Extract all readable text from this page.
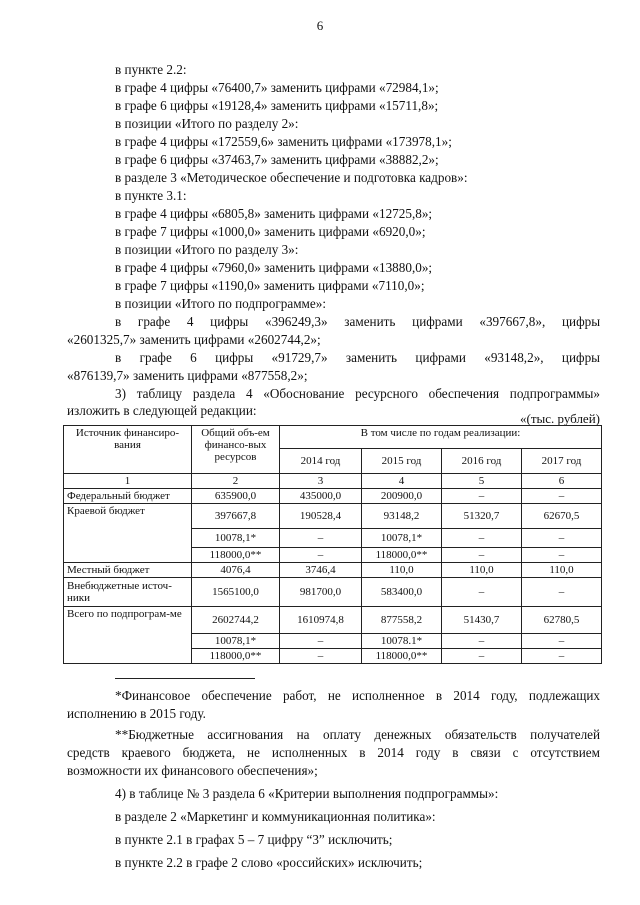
6
в пункте 2.2:
в графе 4 цифры «76400,7» заменить цифрами «72984,1»;
в графе 6 цифры «19128,4» заменить цифрами «15711,8»;
в позиции «Итого по разделу 2»:
в графе 4 цифры «172559,6» заменить цифрами «173978,1»;
в графе 6 цифры «37463,7» заменить цифрами «38882,2»;
в разделе 3 «Методическое обеспечение и подготовка кадров»:
в пункте 3.1:
в графе 4 цифры «6805,8» заменить цифрами «12725,8»;
в графе 7 цифры «1000,0» заменить цифрами «6920,0»;
в позиции «Итого по разделу 3»:
в графе 4 цифры «7960,0» заменить цифрами «13880,0»;
в графе 7 цифры «1190,0» заменить цифрами «7110,0»;
в позиции «Итого по подпрограмме»:
в графе 4 цифры «396249,3» заменить цифрами «397667,8», цифры
«2601325,7» заменить цифрами «2602744,2»;
в графе 6 цифры «91729,7» заменить цифрами «93148,2», цифры
«876139,7» заменить цифрами «877558,2»;
3) таблицу раздела 4 «Обоснование ресурсного обеспечения подпрограммы»
изложить в следующей редакции:
«(тыс. рублей)
Источник финансиро-вания	Общий объ-ем финансо-вых ресурсов	В том числе по годам реализации:			
		2014 год	2015 год	2016 год	2017 год
1	2	3	4	5	6
Федеральный бюджет	635900,0	435000,0	200900,0	–	–
Краевой бюджет	397667,8	190528,4	93148,2	51320,7	62670,5
	10078,1*	–	10078,1*	–	–
	118000,0**	–	118000,0**	–	–
Местный бюджет	4076,4	3746,4	110,0	110,0	110,0
Внебюджетные источ-ники	1565100,0	981700,0	583400,0	–	–
Всего по подпрограм-ме	2602744,2	1610974,8	877558,2	51430,7	62780,5
	10078,1*	–	10078.1*	–	–
	118000,0**	–	118000,0**	–	–
*Финансовое обеспечение работ, не исполненное в 2014 году, подлежащих
исполнению в 2015 году.
**Бюджетные ассигнования на оплату денежных обязательств получателей
средств краевого бюджета, не исполненных в 2014 году в связи с отсутствием
возможности их финансового обеспечения»;
4) в таблице № 3 раздела 6 «Критерии выполнения подпрограммы»:
в разделе 2 «Маркетинг и коммуникационная политика»:
в пункте 2.1 в графах 5 – 7 цифру “3” исключить;
в пункте 2.2 в графе 2 слово «российских» исключить;
